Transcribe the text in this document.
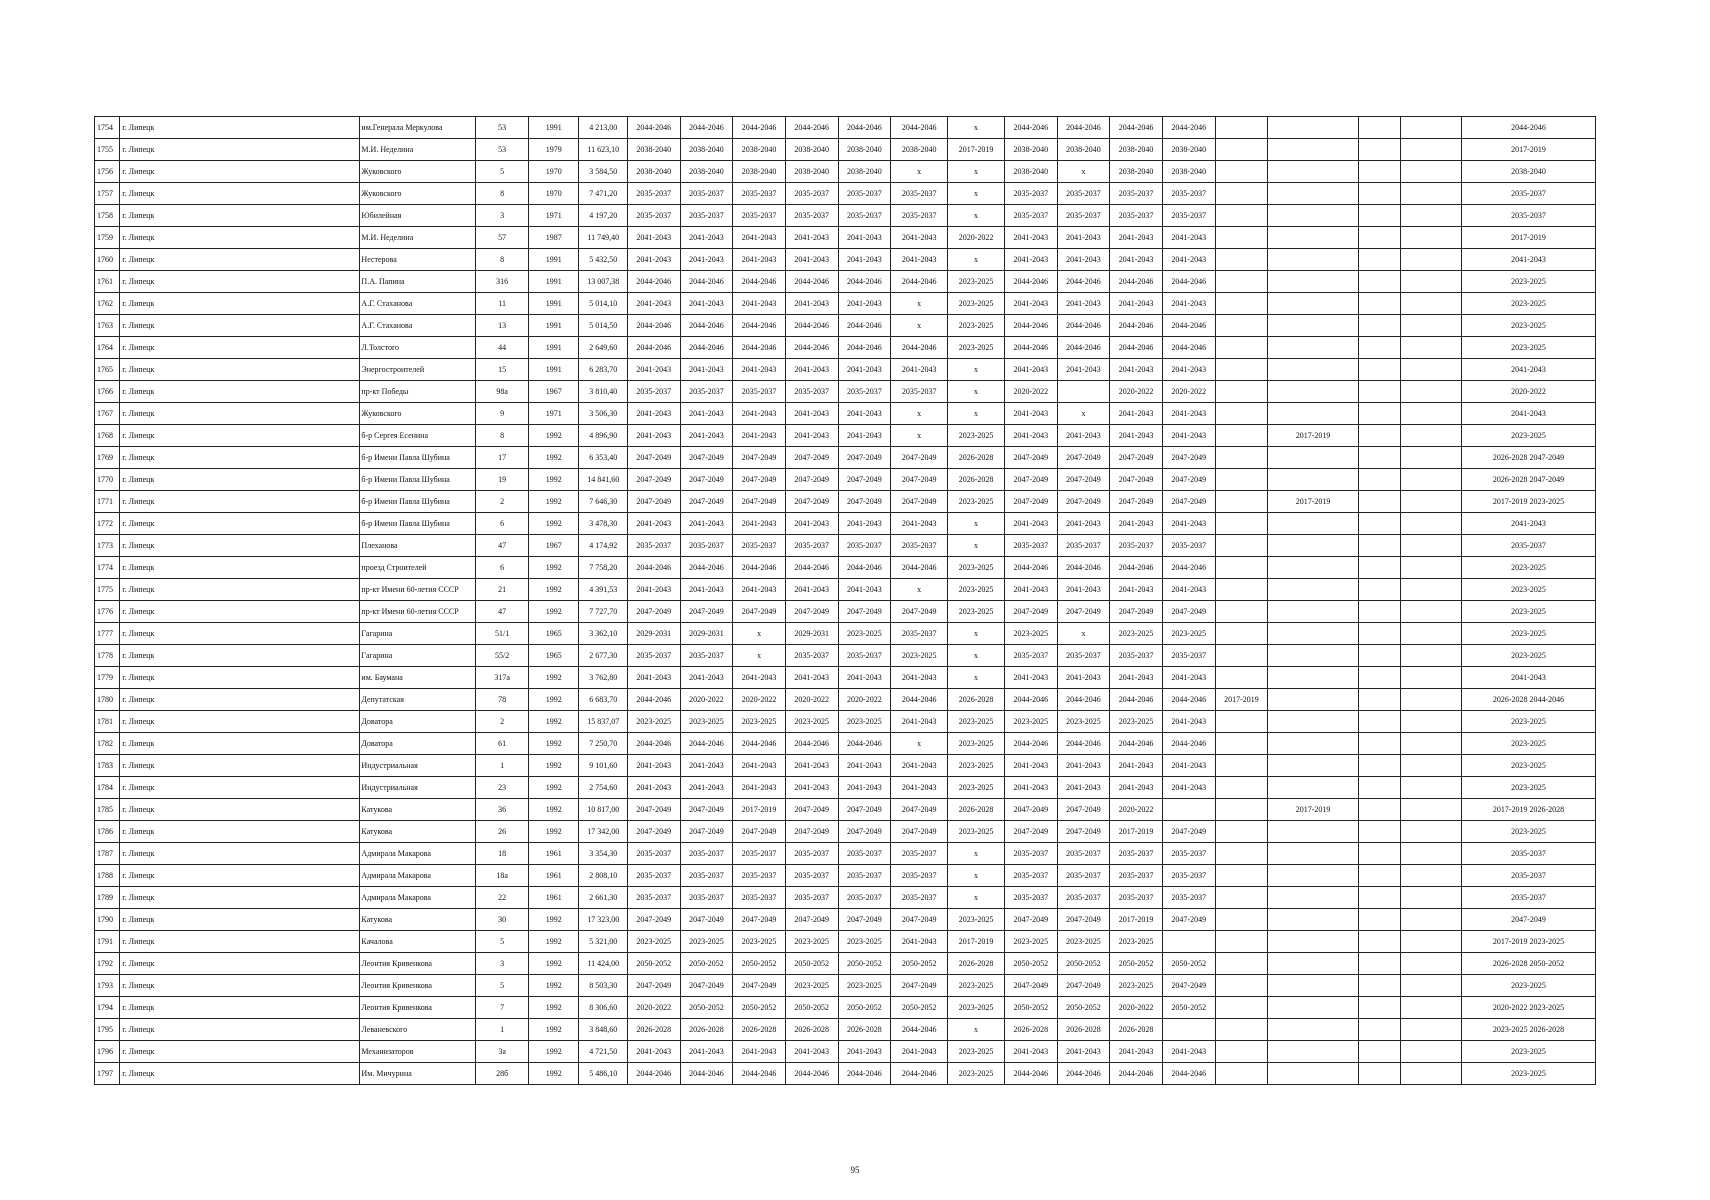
1754	г. Липецк	им.Генерала Меркулова	53	1991	4 213,00	2044-2046	2044-2046	2044-2046	2044-2046	2044-2046	2044-2046	x	2044-2046	2044-2046	2044-2046	2044-2046					2044-2046
1755	г. Липецк	М.И. Неделина	53	1979	11 623,10	2038-2040	2038-2040	2038-2040	2038-2040	2038-2040	2038-2040	2017-2019	2038-2040	2038-2040	2038-2040	2038-2040					2017-2019
1756	г. Липецк	Жуковского	5	1970	3 584,50	2038-2040	2038-2040	2038-2040	2038-2040	2038-2040	x	x	2038-2040	x	2038-2040	2038-2040					2038-2040
1757	г. Липецк	Жуковского	8	1970	7 471,20	2035-2037	2035-2037	2035-2037	2035-2037	2035-2037	2035-2037	x	2035-2037	2035-2037	2035-2037	2035-2037					2035-2037
1758	г. Липецк	Юбилейная	3	1971	4 197,20	2035-2037	2035-2037	2035-2037	2035-2037	2035-2037	2035-2037	x	2035-2037	2035-2037	2035-2037	2035-2037					2035-2037
1759	г. Липецк	М.И. Неделина	57	1987	11 749,40	2041-2043	2041-2043	2041-2043	2041-2043	2041-2043	2041-2043	2020-2022	2041-2043	2041-2043	2041-2043	2041-2043					2017-2019
1760	г. Липецк	Нестерова	8	1991	5 432,50	2041-2043	2041-2043	2041-2043	2041-2043	2041-2043	2041-2043	x	2041-2043	2041-2043	2041-2043	2041-2043					2041-2043
1761	г. Липецк	П.А. Папина	316	1991	13 007,38	2044-2046	2044-2046	2044-2046	2044-2046	2044-2046	2044-2046	2023-2025	2044-2046	2044-2046	2044-2046	2044-2046					2023-2025
1762	г. Липецк	А.Г. Стаханова	11	1991	5 014,10	2041-2043	2041-2043	2041-2043	2041-2043	2041-2043	x	2023-2025	2041-2043	2041-2043	2041-2043	2041-2043					2023-2025
1763	г. Липецк	А.Г. Стаханова	13	1991	5 014,50	2044-2046	2044-2046	2044-2046	2044-2046	2044-2046	x	2023-2025	2044-2046	2044-2046	2044-2046	2044-2046					2023-2025
1764	г. Липецк	Л.Толстого	44	1991	2 649,60	2044-2046	2044-2046	2044-2046	2044-2046	2044-2046	2044-2046	2023-2025	2044-2046	2044-2046	2044-2046	2044-2046					2023-2025
1765	г. Липецк	Энергостроителей	15	1991	6 283,70	2041-2043	2041-2043	2041-2043	2041-2043	2041-2043	2041-2043	x	2041-2043	2041-2043	2041-2043	2041-2043					2041-2043
1766	г. Липецк	пр-кт Победы	98а	1967	3 810,40	2035-2037	2035-2037	2035-2037	2035-2037	2035-2037	2035-2037	x	2020-2022		2020-2022	2020-2022					2020-2022
1767	г. Липецк	Жуковского	9	1971	3 506,30	2041-2043	2041-2043	2041-2043	2041-2043	2041-2043	x	x	2041-2043	x	2041-2043	2041-2043					2041-2043
1768	г. Липецк	б-р Сергея Есенина	8	1992	4 896,90	2041-2043	2041-2043	2041-2043	2041-2043	2041-2043	x	2023-2025	2041-2043	2041-2043	2041-2043	2041-2043		2017-2019			2023-2025
1769	г. Липецк	б-р Имени Павла Шубина	17	1992	6 353,40	2047-2049	2047-2049	2047-2049	2047-2049	2047-2049	2047-2049	2026-2028	2047-2049	2047-2049	2047-2049	2047-2049					2026-2028 2047-2049
1770	г. Липецк	б-р Имени Павла Шубина	19	1992	14 841,60	2047-2049	2047-2049	2047-2049	2047-2049	2047-2049	2047-2049	2026-2028	2047-2049	2047-2049	2047-2049	2047-2049					2026-2028 2047-2049
1771	г. Липецк	б-р Имени Павла Шубина	2	1992	7 646,30	2047-2049	2047-2049	2047-2049	2047-2049	2047-2049	2047-2049	2023-2025	2047-2049	2047-2049	2047-2049	2047-2049		2017-2019			2017-2019 2023-2025
1772	г. Липецк	б-р Имени Павла Шубина	6	1992	3 478,30	2041-2043	2041-2043	2041-2043	2041-2043	2041-2043	2041-2043	x	2041-2043	2041-2043	2041-2043	2041-2043					2041-2043
1773	г. Липецк	Плеханова	47	1967	4 174,92	2035-2037	2035-2037	2035-2037	2035-2037	2035-2037	2035-2037	x	2035-2037	2035-2037	2035-2037	2035-2037					2035-2037
1774	г. Липецк	проезд Строителей	6	1992	7 758,20	2044-2046	2044-2046	2044-2046	2044-2046	2044-2046	2044-2046	2023-2025	2044-2046	2044-2046	2044-2046	2044-2046					2023-2025
1775	г. Липецк	пр-кт Имени 60-летия СССР	21	1992	4 391,53	2041-2043	2041-2043	2041-2043	2041-2043	2041-2043	x	2023-2025	2041-2043	2041-2043	2041-2043	2041-2043					2023-2025
1776	г. Липецк	пр-кт Имени 60-летия СССР	47	1992	7 727,70	2047-2049	2047-2049	2047-2049	2047-2049	2047-2049	2047-2049	2023-2025	2047-2049	2047-2049	2047-2049	2047-2049					2023-2025
1777	г. Липецк	Гагарина	51/1	1965	3 362,10	2029-2031	2029-2031	x	2029-2031	2023-2025	2035-2037	x	2023-2025	x	2023-2025	2023-2025					2023-2025
1778	г. Липецк	Гагарина	55/2	1965	2 677,30	2035-2037	2035-2037	x	2035-2037	2035-2037	2023-2025	x	2035-2037	2035-2037	2035-2037	2035-2037					2023-2025
1779	г. Липецк	им. Баумана	317а	1992	3 762,80	2041-2043	2041-2043	2041-2043	2041-2043	2041-2043	2041-2043	x	2041-2043	2041-2043	2041-2043	2041-2043					2041-2043
1780	г. Липецк	Депутатская	78	1992	6 683,70	2044-2046	2020-2022	2020-2022	2020-2022	2020-2022	2044-2046	2026-2028	2044-2046	2044-2046	2044-2046	2044-2046	2017-2019				2026-2028 2044-2046
1781	г. Липецк	Доватора	2	1992	15 837,07	2023-2025	2023-2025	2023-2025	2023-2025	2023-2025	2041-2043	2023-2025	2023-2025	2023-2025	2023-2025	2041-2043					2023-2025
1782	г. Липецк	Доватора	61	1992	7 250,70	2044-2046	2044-2046	2044-2046	2044-2046	2044-2046	x	2023-2025	2044-2046	2044-2046	2044-2046	2044-2046					2023-2025
1783	г. Липецк	Индустриальная	1	1992	9 101,60	2041-2043	2041-2043	2041-2043	2041-2043	2041-2043	2041-2043	2023-2025	2041-2043	2041-2043	2041-2043	2041-2043					2023-2025
1784	г. Липецк	Индустриальная	23	1992	2 754,60	2041-2043	2041-2043	2041-2043	2041-2043	2041-2043	2041-2043	2023-2025	2041-2043	2041-2043	2041-2043	2041-2043					2023-2025
1785	г. Липецк	Катукова	36	1992	10 817,00	2047-2049	2047-2049	2017-2019	2047-2049	2047-2049	2047-2049	2026-2028	2047-2049	2047-2049	2020-2022			2017-2019			2017-2019 2026-2028
1786	г. Липецк	Катукова	26	1992	17 342,00	2047-2049	2047-2049	2047-2049	2047-2049	2047-2049	2047-2049	2023-2025	2047-2049	2047-2049	2017-2019	2047-2049					2023-2025
1787	г. Липецк	Адмирала Макарова	18	1961	3 354,30	2035-2037	2035-2037	2035-2037	2035-2037	2035-2037	2035-2037	x	2035-2037	2035-2037	2035-2037	2035-2037					2035-2037
1788	г. Липецк	Адмирала Макарова	18а	1961	2 808,10	2035-2037	2035-2037	2035-2037	2035-2037	2035-2037	2035-2037	x	2035-2037	2035-2037	2035-2037	2035-2037					2035-2037
1789	г. Липецк	Адмирала Макарова	22	1961	2 661,30	2035-2037	2035-2037	2035-2037	2035-2037	2035-2037	2035-2037	x	2035-2037	2035-2037	2035-2037	2035-2037					2035-2037
1790	г. Липецк	Катукова	30	1992	17 323,00	2047-2049	2047-2049	2047-2049	2047-2049	2047-2049	2047-2049	2023-2025	2047-2049	2047-2049	2017-2019	2047-2049					2047-2049
1791	г. Липецк	Качалова	5	1992	5 321,00	2023-2025	2023-2025	2023-2025	2023-2025	2023-2025	2041-2043	2017-2019	2023-2025	2023-2025	2023-2025						2017-2019 2023-2025
1792	г. Липецк	Леонтия Кривенкова	3	1992	11 424,00	2050-2052	2050-2052	2050-2052	2050-2052	2050-2052	2050-2052	2026-2028	2050-2052	2050-2052	2050-2052	2050-2052					2026-2028 2050-2052
1793	г. Липецк	Леонтия Кривенкова	5	1992	8 503,30	2047-2049	2047-2049	2047-2049	2023-2025	2023-2025	2047-2049	2023-2025	2047-2049	2047-2049	2023-2025	2047-2049					2023-2025
1794	г. Липецк	Леонтия Кривенкова	7	1992	8 306,60	2020-2022	2050-2052	2050-2052	2050-2052	2050-2052	2050-2052	2023-2025	2050-2052	2050-2052	2020-2022	2050-2052					2020-2022 2023-2025
1795	г. Липецк	Леваневского	1	1992	3 848,60	2026-2028	2026-2028	2026-2028	2026-2028	2026-2028	2044-2046	x	2026-2028	2026-2028	2026-2028						2023-2025 2026-2028
1796	г. Липецк	Механизаторов	3а	1992	4 721,50	2041-2043	2041-2043	2041-2043	2041-2043	2041-2043	2041-2043	2023-2025	2041-2043	2041-2043	2041-2043	2041-2043					2023-2025
1797	г. Липецк	Им. Мичурина	28б	1992	5 486,10	2044-2046	2044-2046	2044-2046	2044-2046	2044-2046	2044-2046	2023-2025	2044-2046	2044-2046	2044-2046	2044-2046					2023-2025
95
